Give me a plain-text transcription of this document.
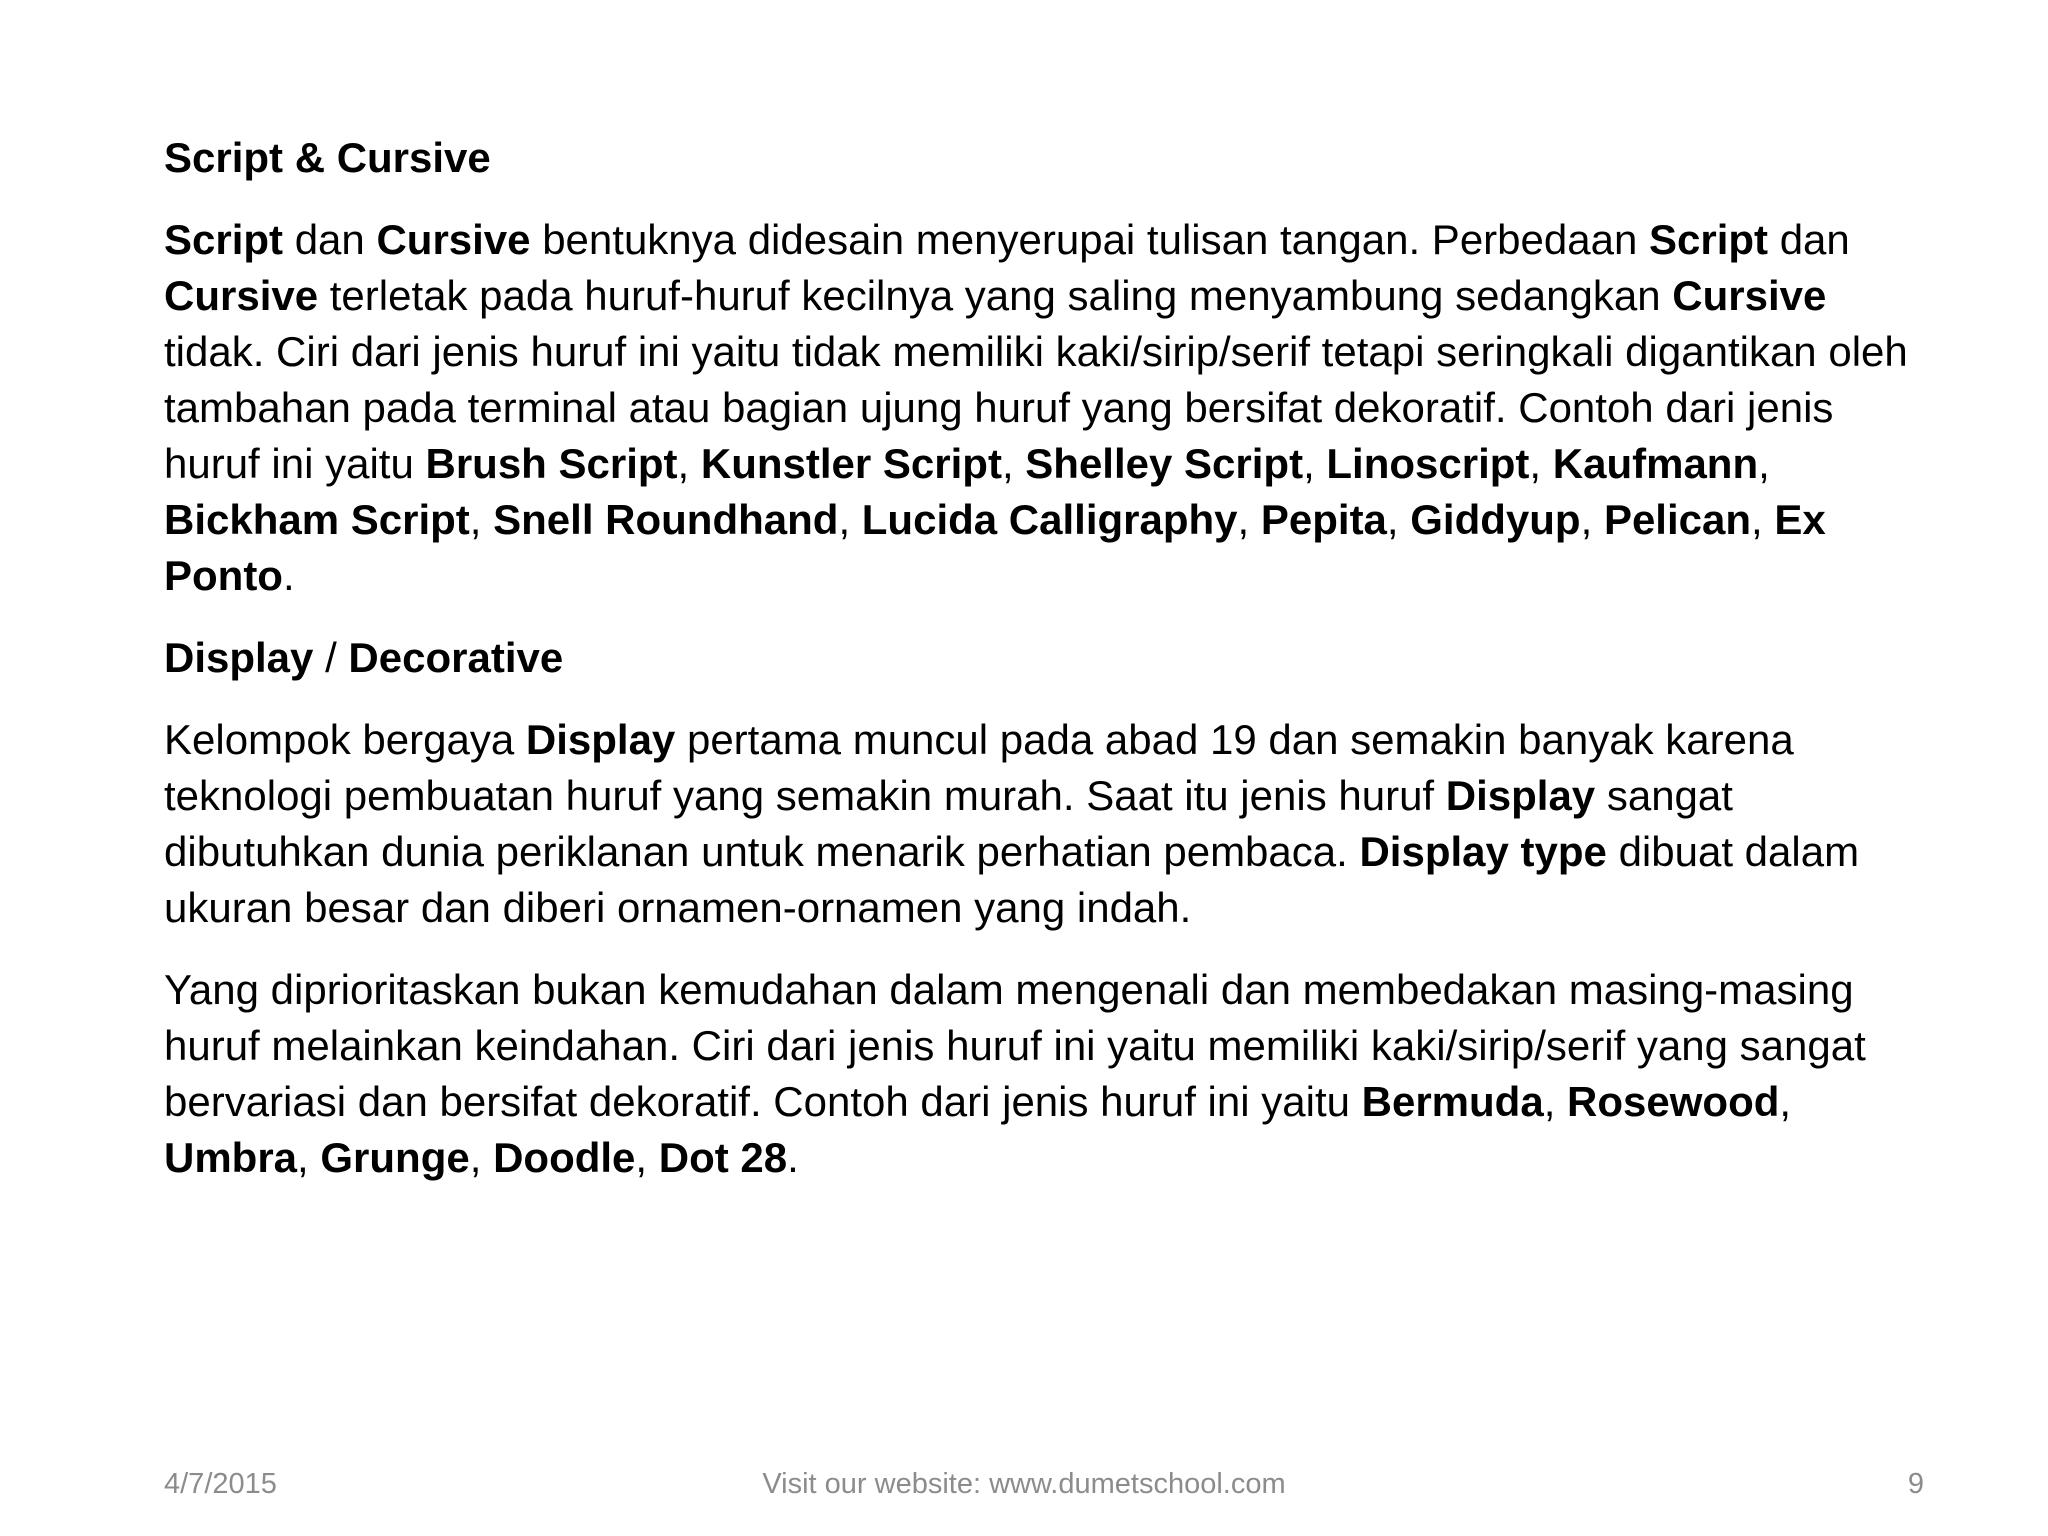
Script & Cursive
Script dan Cursive bentuknya didesain menyerupai tulisan tangan. Perbedaan Script dan Cursive terletak pada huruf-huruf kecilnya yang saling menyambung sedangkan Cursive tidak. Ciri dari jenis huruf ini yaitu tidak memiliki kaki/sirip/serif tetapi seringkali digantikan oleh tambahan pada terminal atau bagian ujung huruf yang bersifat dekoratif. Contoh dari jenis huruf ini yaitu Brush Script, Kunstler Script, Shelley Script, Linoscript, Kaufmann, Bickham Script, Snell Roundhand, Lucida Calligraphy, Pepita, Giddyup, Pelican, Ex Ponto.
Display / Decorative
Kelompok bergaya Display pertama muncul pada abad 19 dan semakin banyak karena teknologi pembuatan huruf yang semakin murah. Saat itu jenis huruf Display sangat dibutuhkan dunia periklanan untuk menarik perhatian pembaca. Display type dibuat dalam ukuran besar dan diberi ornamen-ornamen yang indah.
Yang diprioritaskan bukan kemudahan dalam mengenali dan membedakan masing-masing huruf melainkan keindahan. Ciri dari jenis huruf ini yaitu memiliki kaki/sirip/serif yang sangat bervariasi dan bersifat dekoratif. Contoh dari jenis huruf ini yaitu Bermuda, Rosewood, Umbra, Grunge, Doodle, Dot 28.
4/7/2015	Visit our website: www.dumetschool.com	9
